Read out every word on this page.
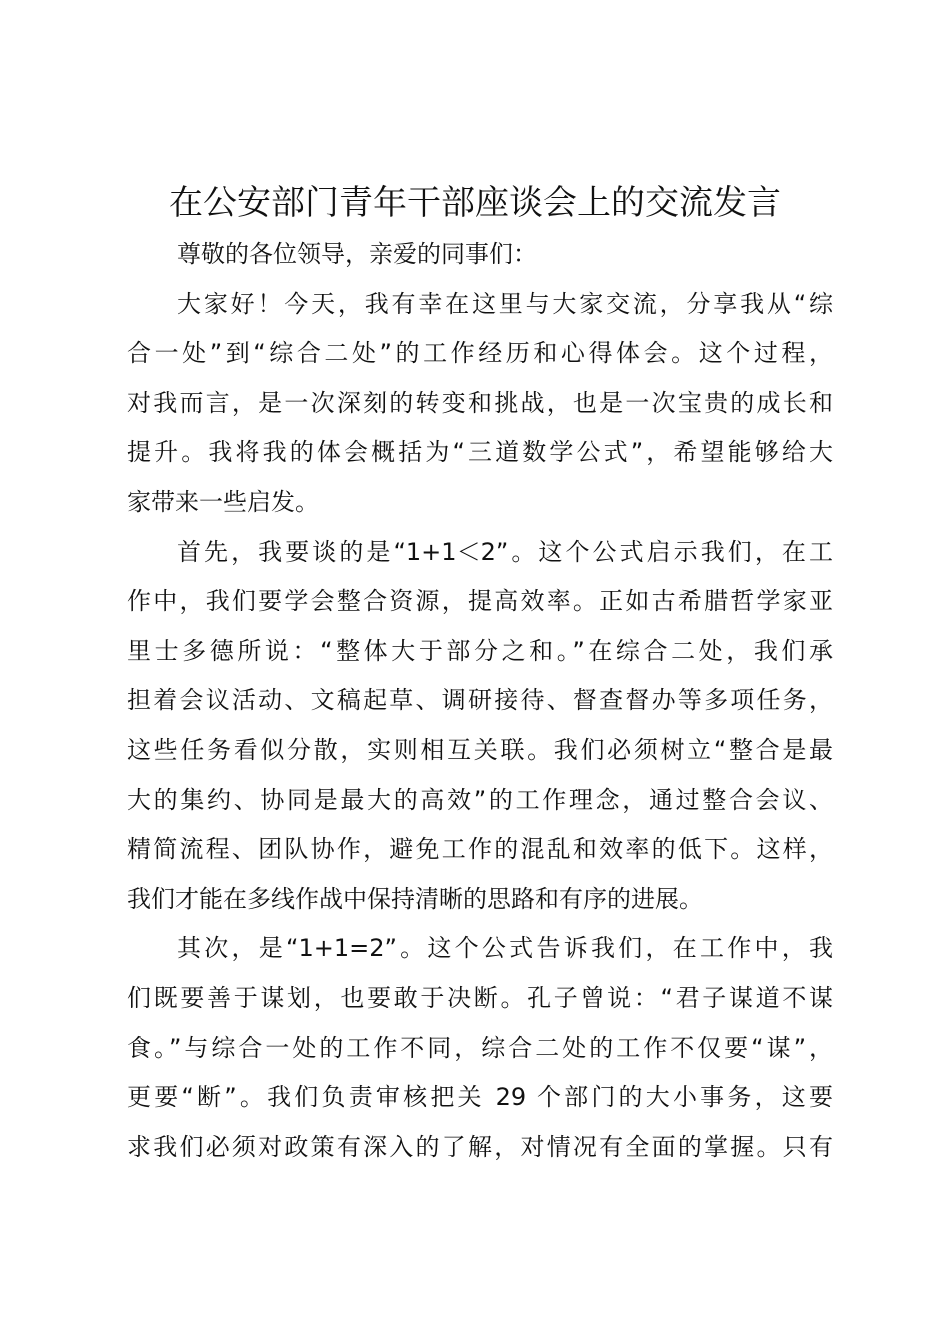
在公安部门青年干部座谈会上的交流发言
尊敬的各位领导，亲爱的同事们：
大家好！今天，我有幸在这里与大家交流，分享我从“综
合一处”到“综合二处”的工作经历和心得体会。这个过程，
对我而言，是一次深刻的转变和挑战，也是一次宝贵的成长和
提升。我将我的体会概括为“三道数学公式”，希望能够给大
家带来一些启发。
首先，我要谈的是“1+1＜2”。这个公式启示我们，在工
作中，我们要学会整合资源，提高效率。正如古希腊哲学家亚
里士多德所说：“整体大于部分之和。”在综合二处，我们承
担着会议活动、文稿起草、调研接待、督查督办等多项任务，
这些任务看似分散，实则相互关联。我们必须树立“整合是最
大的集约、协同是最大的高效”的工作理念，通过整合会议、
精简流程、团队协作，避免工作的混乱和效率的低下。这样，
我们才能在多线作战中保持清晰的思路和有序的进展。
其次，是“1+1=2”。这个公式告诉我们，在工作中，我
们既要善于谋划，也要敢于决断。孔子曾说：“君子谋道不谋
食。”与综合一处的工作不同，综合二处的工作不仅要“谋”，
更要“断”。我们负责审核把关 29 个部门的大小事务，这要
求我们必须对政策有深入的了解，对情况有全面的掌握。只有
